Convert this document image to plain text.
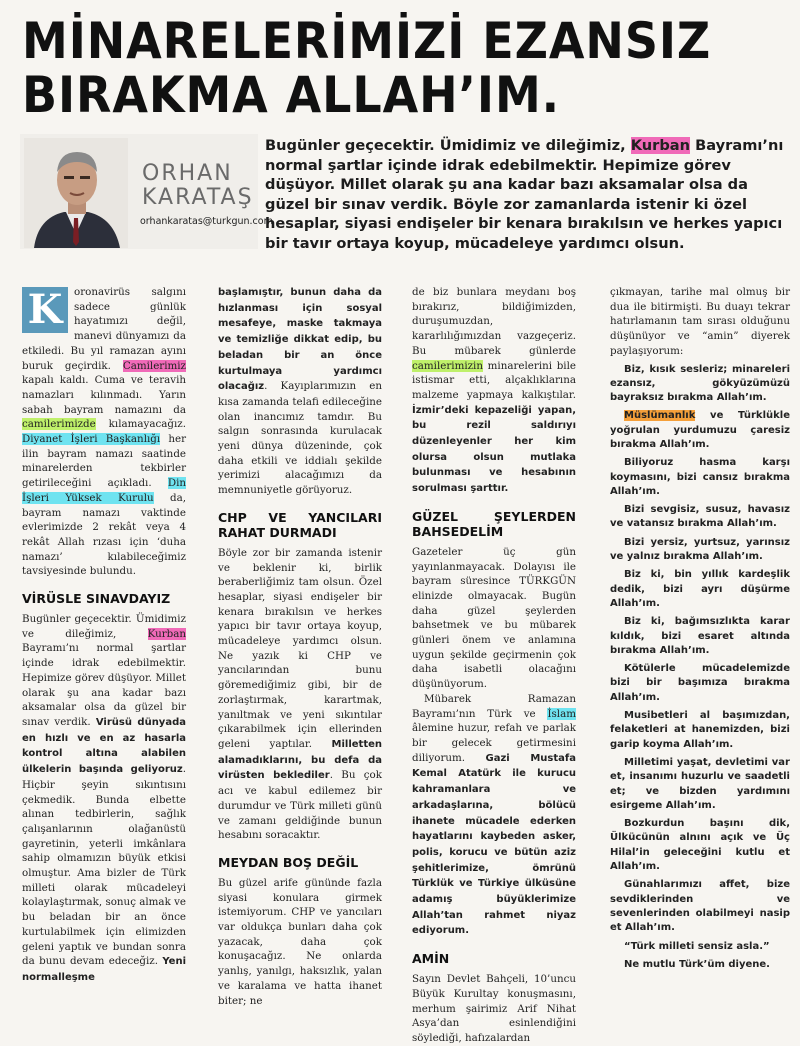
MİNARELERİMİZİ EZANSIZ
BIRAKMA ALLAH’IM.
ORHAN
KARATAŞ
orhankaratas@turkgun.com
Bugünler geçecektir. Ümidimiz ve dileğimiz, Kurban Bayramı’nı normal şartlar içinde idrak edebilmektir. Hepimize görev düşüyor. Millet olarak şu ana kadar bazı aksamalar olsa da güzel bir sınav verdik. Böyle zor zamanlarda istenir ki özel hesaplar, siyasi endişeler bir kenara bırakılsın ve herkes yapıcı bir tavır ortaya koyup, mücadeleye yardımcı olsun.

K	oronavirüs salgını sadece günlük hayatımızı değil, manevi dünyamızı da etkiledi. Bu yıl ramazan ayını buruk geçirdik. Camilerimiz kapalı kaldı. Cuma ve teravih namazları kılınmadı. Yarın sabah bayram namazını da camilerimizde kılamayacağız. Diyanet İşleri Başkanlığı her ilin bayram namazı saatinde minarelerden tekbirler getirileceğini açıkladı. Din İşleri Yüksek Kurulu da, bayram namazı vaktinde evlerimizde 2 rekât veya 4 rekât Allah rızası için ‘duha namazı’ kılabileceğimiz tavsiyesinde bulundu.

VİRÜSLE SINAVDAYIZ

Bugünler geçecektir. Ümidimiz ve dileğimiz, Kurban Bayramı’nı normal şartlar içinde idrak edebilmektir. Hepimize görev düşüyor. Millet olarak şu ana kadar bazı aksamalar olsa da güzel bir sınav verdik. Virüsü dünyada en hızlı ve en az hasarla kontrol altına alabilen ülkelerin başında geliyoruz. Hiçbir şeyin sıkıntısını çekmedik. Bunda elbette alınan tedbirlerin, sağlık çalışanlarının olağanüstü gayretinin, yeterli imkânlara sahip olmamızın büyük etkisi olmuştur. Ama bizler de Türk milleti olarak mücadeleyi kolaylaştırmak, sonuç almak ve bu beladan bir an önce kurtulabilmek için elimizden geleni yaptık ve bundan sonra da bunu devam edeceğiz. Yeni normalleşme

başlamıştır, bunun daha da hızlanması için sosyal mesafeye, maske takmaya ve temizliğe dikkat edip, bu beladan bir an önce kurtulmaya yardımcı olacağız. Kayıplarımızın en kısa zamanda telafi edileceğine olan inancımız tamdır. Bu salgın sonrasında kurulacak yeni dünya düzeninde, çok daha etkili ve iddialı şekilde yerimizi alacağımızı da memnuniyetle görüyoruz.

CHP VE YANCILARI RAHAT DURMADI

Böyle zor bir zamanda istenir ve beklenir ki, birlik beraberliğimiz tam olsun. Özel hesaplar, siyasi endişeler bir kenara bırakılsın ve herkes yapıcı bir tavır ortaya koyup, mücadeleye yardımcı olsun. Ne yazık ki CHP ve yancılarından bunu göremediğimiz gibi, bir de zorlaştırmak, karartmak, yanıltmak ve yeni sıkıntılar çıkarabilmek için ellerinden geleni yaptılar. Milletten alamadıklarını, bu defa da virüsten beklediler. Bu çok acı ve kabul edilemez bir durumdur ve Türk milleti günü ve zamanı geldiğinde bunun hesabını soracaktır.

MEYDAN BOŞ DEĞİL

Bu güzel arife gününde fazla siyasi konulara girmek istemiyorum. CHP ve yancıları var oldukça bunları daha çok yazacak, daha çok konuşacağız. Ne onlarda yanlış, yanılgı, haksızlık, yalan ve karalama ve hatta ihanet biter; ne

de biz bunlara meydanı boş bırakırız, bildiğimizden, duruşumuzdan, kararlılığımızdan vazgeçeriz. Bu mübarek günlerde camilerimizin minarelerini bile istismar etti, alçaklıklarına malzeme yapmaya kalkıştılar. İzmir’deki kepazeliği yapan, bu rezil saldırıyı düzenleyenler her kim olursa olsun mutlaka bulunması ve hesabının sorulması şarttır.

GÜZEL ŞEYLERDEN BAHSEDELİM

Gazeteler üç gün yayınlanmayacak. Dolayısı ile bayram süresince TÜRKGÜN elinizde olmayacak. Bugün daha güzel şeylerden bahsetmek ve bu mübarek günleri önem ve anlamına uygun şekilde geçirmenin çok daha isabetli olacağını düşünüyorum.

Mübarek Ramazan Bayramı’nın Türk ve İslam âlemine huzur, refah ve parlak bir gelecek getirmesini diliyorum. Gazi Mustafa Kemal Atatürk ile kurucu kahramanlara ve arkadaşlarına, bölücü ihanete mücadele ederken hayatlarını kaybeden asker, polis, korucu ve bütün aziz şehitlerimize, ömrünü Türklük ve Türkiye ülküsüne adamış büyüklerimize Allah’tan rahmet niyaz ediyorum.

AMİN

Sayın Devlet Bahçeli, 10’uncu Büyük Kurultay konuşmasını, merhum şairimiz Arif Nihat Asya’dan esinlendiğini söylediği, hafızalardan

çıkmayan, tarihe mal olmuş bir dua ile bitirmişti. Bu duayı tekrar hatırlamanın tam sırası olduğunu düşünüyor ve “amin” diyerek paylaşıyorum:

Biz, kısık sesleriz; minareleri ezansız, gökyüzümüzü bayraksız bırakma Allah’ım.

Müslümanlık ve Türklükle yoğrulan yurdumuzu çaresiz bırakma Allah’ım.

Biliyoruz hasma karşı koymasını, bizi cansız bırakma Allah’ım.

Bizi sevgisiz, susuz, havasız ve vatansız bırakma Allah’ım.

Bizi yersiz, yurtsuz, yarınsız ve yalnız bırakma Allah’ım.

Biz ki, bin yıllık kardeşlik dedik, bizi ayrı düşürme Allah’ım.

Biz ki, bağımsızlıkta karar kıldık, bizi esaret altında bırakma Allah’ım.

Kötülerle mücadelemizde bizi bir başımıza bırakma Allah’ım.

Musibetleri al başımızdan, felaketleri at hanemizden, bizi garip koyma Allah’ım.

Milletimi yaşat, devletimi var et, insanımı huzurlu ve saadetli et; ve bizden yardımını esirgeme Allah’ım.

Bozkurdun başını dik, Ülkücünün alnını açık ve Üç Hilal’in geleceğini kutlu et Allah’ım.

Günahlarımızı affet, bize sevdiklerinden ve sevenlerinden olabilmeyi nasip et Allah’ım.

“Türk milleti sensiz asla.”

Ne mutlu Türk’üm diyene.
